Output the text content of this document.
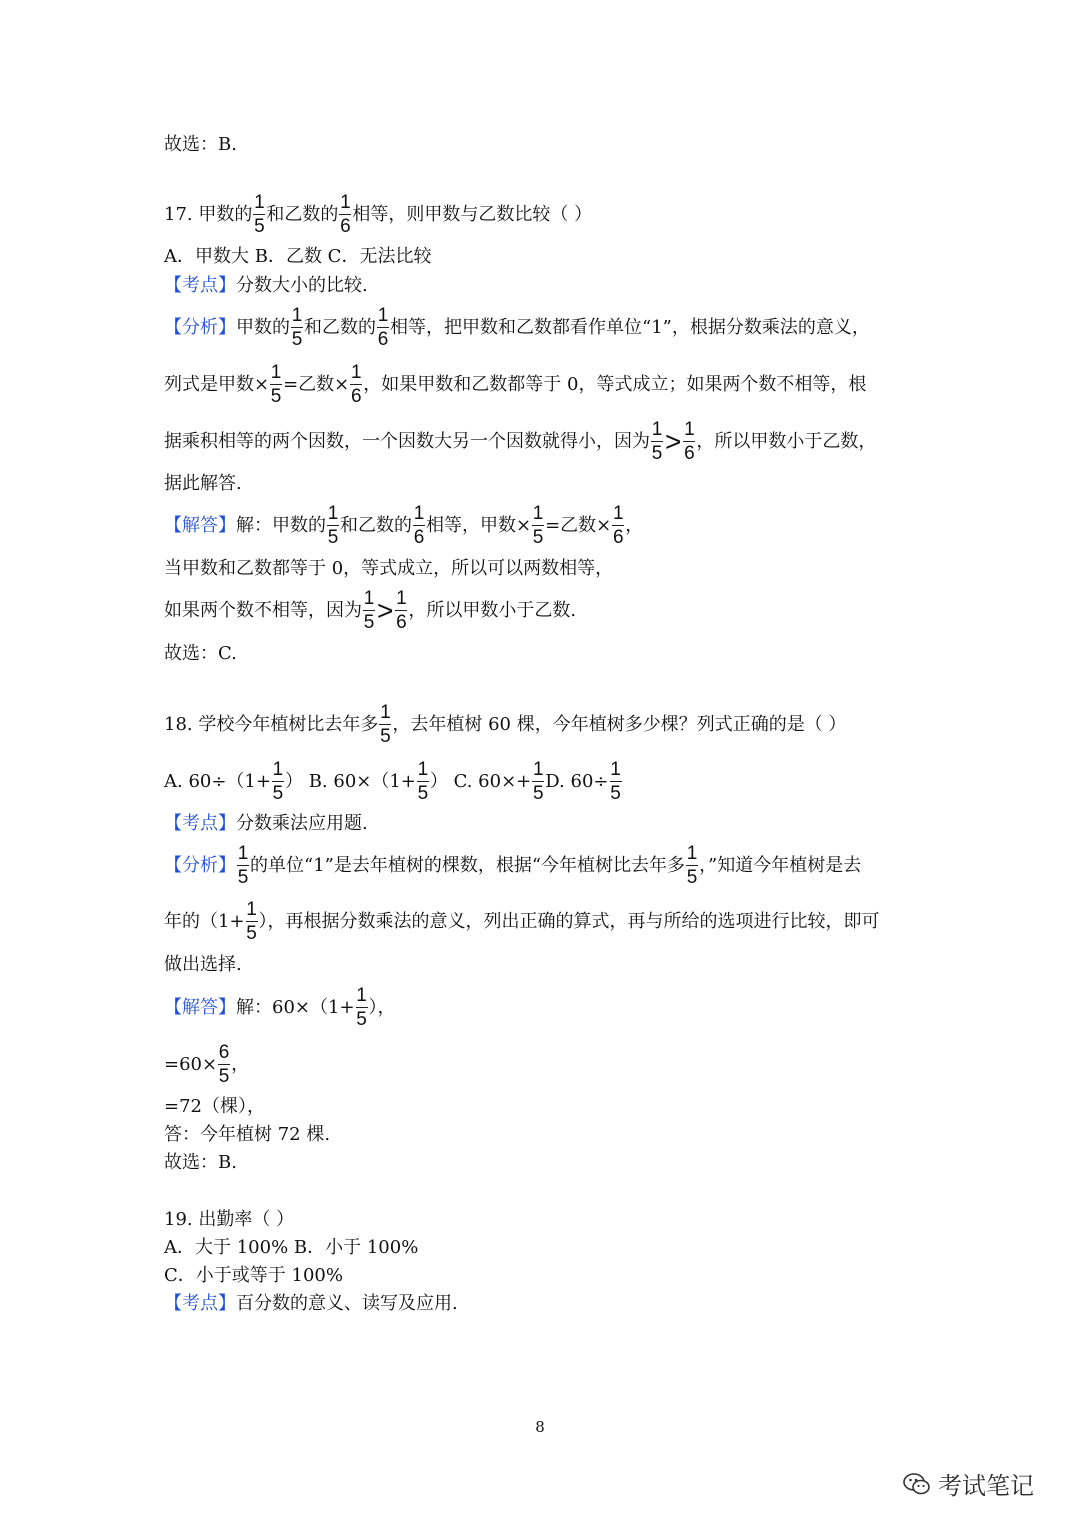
故选：B.
17. 甲数的
1
5
和乙数的
1
6
相等，则甲数与乙数比较（ ）
A．甲数大 B．乙数 C．无法比较
【考点】 分数大小的比较.
【分析】 甲数的
1
5
和乙数的
1
6
相等，把甲数和乙数都看作单位“1”，根据分数乘法的意义，
列式是甲数×
1
5
=乙数×
1
6
，如果甲数和乙数都等于 0，等式成立；如果两个数不相等，根
据乘积相等的两个因数，一个因数大另一个因数就得小，因为
1
5 > 1
6
，所以甲数小于乙数，
据此解答.
【解答】 解：甲数的
1
5
和乙数的
1
6
相等，甲数×
1
5
=乙数×
1
6
，
当甲数和乙数都等于 0，等式成立，所以可以两数相等，
如果两个数不相等，因为
1
5 > 1
6
，所以甲数小于乙数.
故选：C.
18. 学校今年植树比去年多
1
5
，去年植树 60 棵，今年植树多少棵？列式正确的是（ ）
A. 60÷（1+
1
5
） B. 60×（1+
1
5
） C. 60×+
1
5
D. 60÷
1
5
【考点】 分数乘法应用题.
【分析】
1
5
的单位“1”是去年植树的棵数，根据“今年植树比去年多
1
5
，”知道今年植树是去
年的（1+
1
5
），再根据分数乘法的意义，列出正确的算式，再与所给的选项进行比较，即可
做出选择.
【解答】 解：60×（1+
1
5
），
=60×
6
5
，
=72（棵），
答：今年植树 72 棵.
故选：B.
19. 出勤率（ ）
A．大于 100% B．小于 100%
C．小于或等于 100%
【考点】 百分数的意义、读写及应用.
8
考试笔记
